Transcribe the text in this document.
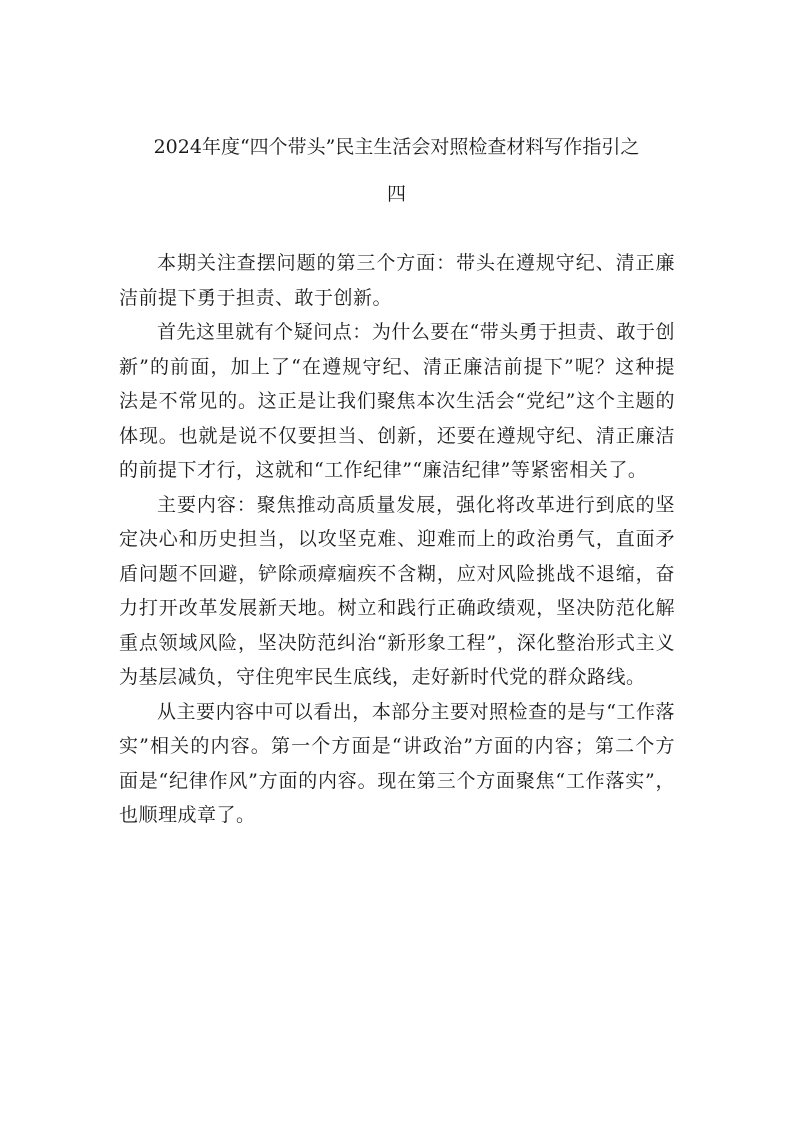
2024年度“四个带头”民主生活会对照检查材料写作指引之
四

本期关注查摆问题的第三个方面：带头在遵规守纪、清正廉洁前提下勇于担责、敢于创新。

首先这里就有个疑问点：为什么要在“带头勇于担责、敢于创新”的前面，加上了“在遵规守纪、清正廉洁前提下”呢？这种提法是不常见的。这正是让我们聚焦本次生活会“党纪”这个主题的体现。也就是说不仅要担当、创新，还要在遵规守纪、清正廉洁的前提下才行，这就和“工作纪律”“廉洁纪律”等紧密相关了。

主要内容：聚焦推动高质量发展，强化将改革进行到底的坚定决心和历史担当，以攻坚克难、迎难而上的政治勇气，直面矛盾问题不回避，铲除顽瘴痼疾不含糊，应对风险挑战不退缩，奋力打开改革发展新天地。树立和践行正确政绩观，坚决防范化解重点领域风险，坚决防范纠治“新形象工程”，深化整治形式主义为基层减负，守住兜牢民生底线，走好新时代党的群众路线。

从主要内容中可以看出，本部分主要对照检查的是与“工作落实”相关的内容。第一个方面是“讲政治”方面的内容；第二个方面是“纪律作风”方面的内容。现在第三个方面聚焦“工作落实”，也顺理成章了。
